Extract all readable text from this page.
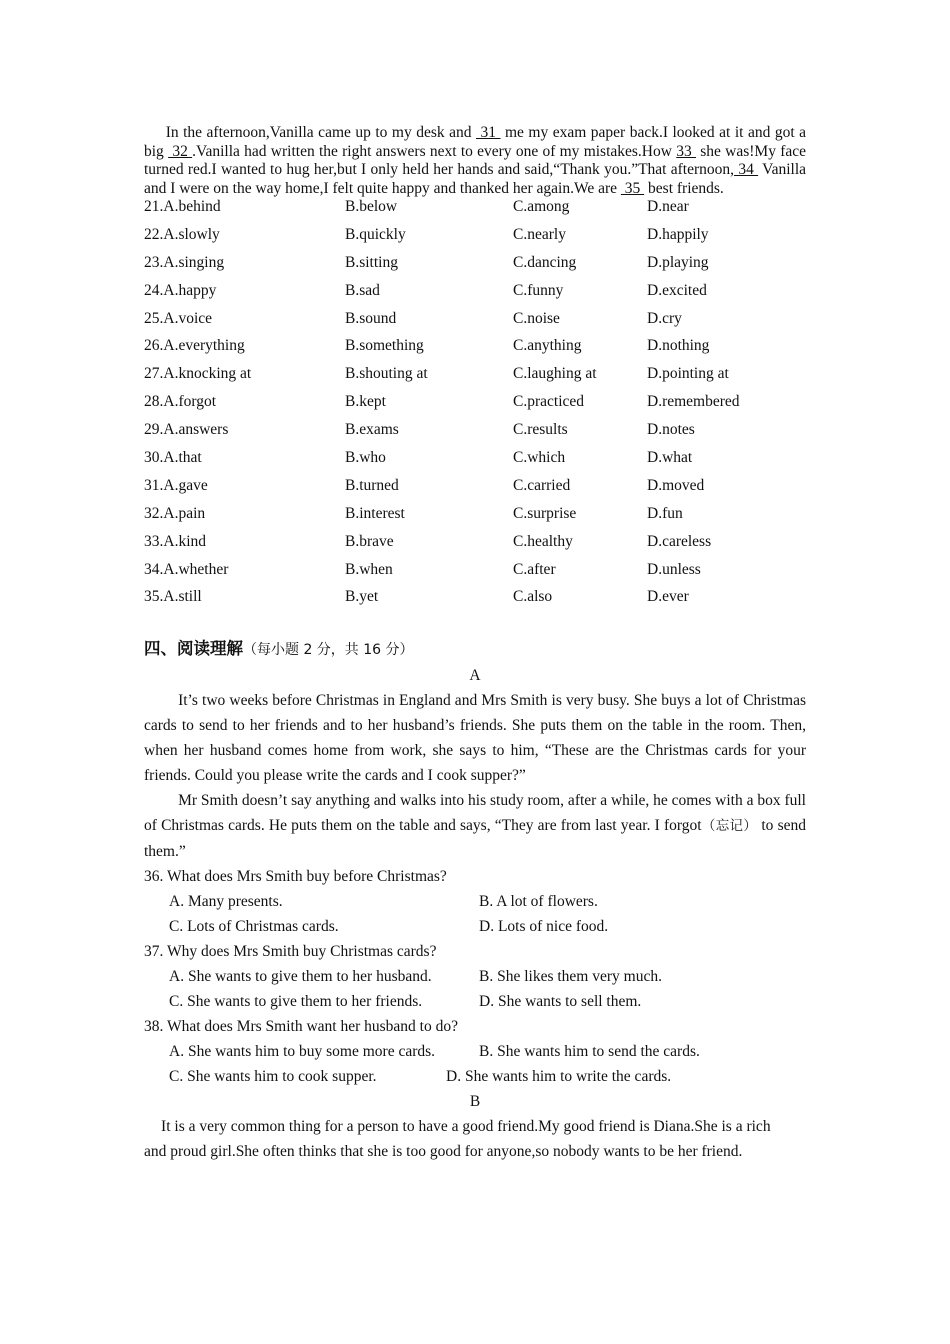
In the afternoon,Vanilla came up to my desk and  31  me my exam paper back.I looked at it and got a big  32 .Vanilla had written the right answers next to every one of my mistakes.How 33  she was!My face turned red.I wanted to hug her,but I only held her hands and said,“Thank you.”That afternoon, 34  Vanilla and I were on the way home,I felt quite happy and thanked her again.We are  35  best friends.

21.A.behind	B.below	C.among	D.near
22.A.slowly	B.quickly	C.nearly	D.happily
23.A.singing	B.sitting	C.dancing	D.playing
24.A.happy	B.sad	C.funny	D.excited
25.A.voice	B.sound	C.noise	D.cry
26.A.everything	B.something	C.anything	D.nothing
27.A.knocking at	B.shouting at	C.laughing at	D.pointing at
28.A.forgot	B.kept	C.practiced	D.remembered
29.A.answers	B.exams	C.results	D.notes
30.A.that	B.who	C.which	D.what
31.A.gave	B.turned	C.carried	D.moved
32.A.pain	B.interest	C.surprise	D.fun
33.A.kind	B.brave	C.healthy	D.careless
34.A.whether	B.when	C.after	D.unless
35.A.still	B.yet	C.also	D.ever
四、阅读理解（每小题 2 分，共 16 分）
A

It’s two weeks before Christmas in England and Mrs Smith is very busy. She buys a lot of Christmas cards to send to her friends and to her husband’s friends. She puts them on the table in the room. Then, when her husband comes home from work, she says to him, “These are the Christmas cards for your friends. Could you please write the cards and I cook supper?”

Mr Smith doesn’t say anything and walks into his study room, after a while, he comes with a box full of Christmas cards. He puts them on the table and says, “They are from last year. I forgot（忘记） to send them.”

36. What does Mrs Smith buy before Christmas?
A. Many presents.	B. A lot of flowers.
C. Lots of Christmas cards.	D. Lots of nice food.
37. Why does Mrs Smith buy Christmas cards?
A. She wants to give them to her husband.	B. She likes them very much.
C. She wants to give them to her friends.	D. She wants to sell them.
38. What does Mrs Smith want her husband to do?
A. She wants him to buy some more cards.	B. She wants him to send the cards.
C. She wants him to cook supper.	D. She wants him to write the cards.
B

It is a very common thing for a person to have a good friend.My good friend is Diana.She is a rich and proud girl.She often thinks that she is too good for anyone,so nobody wants to be her friend.
